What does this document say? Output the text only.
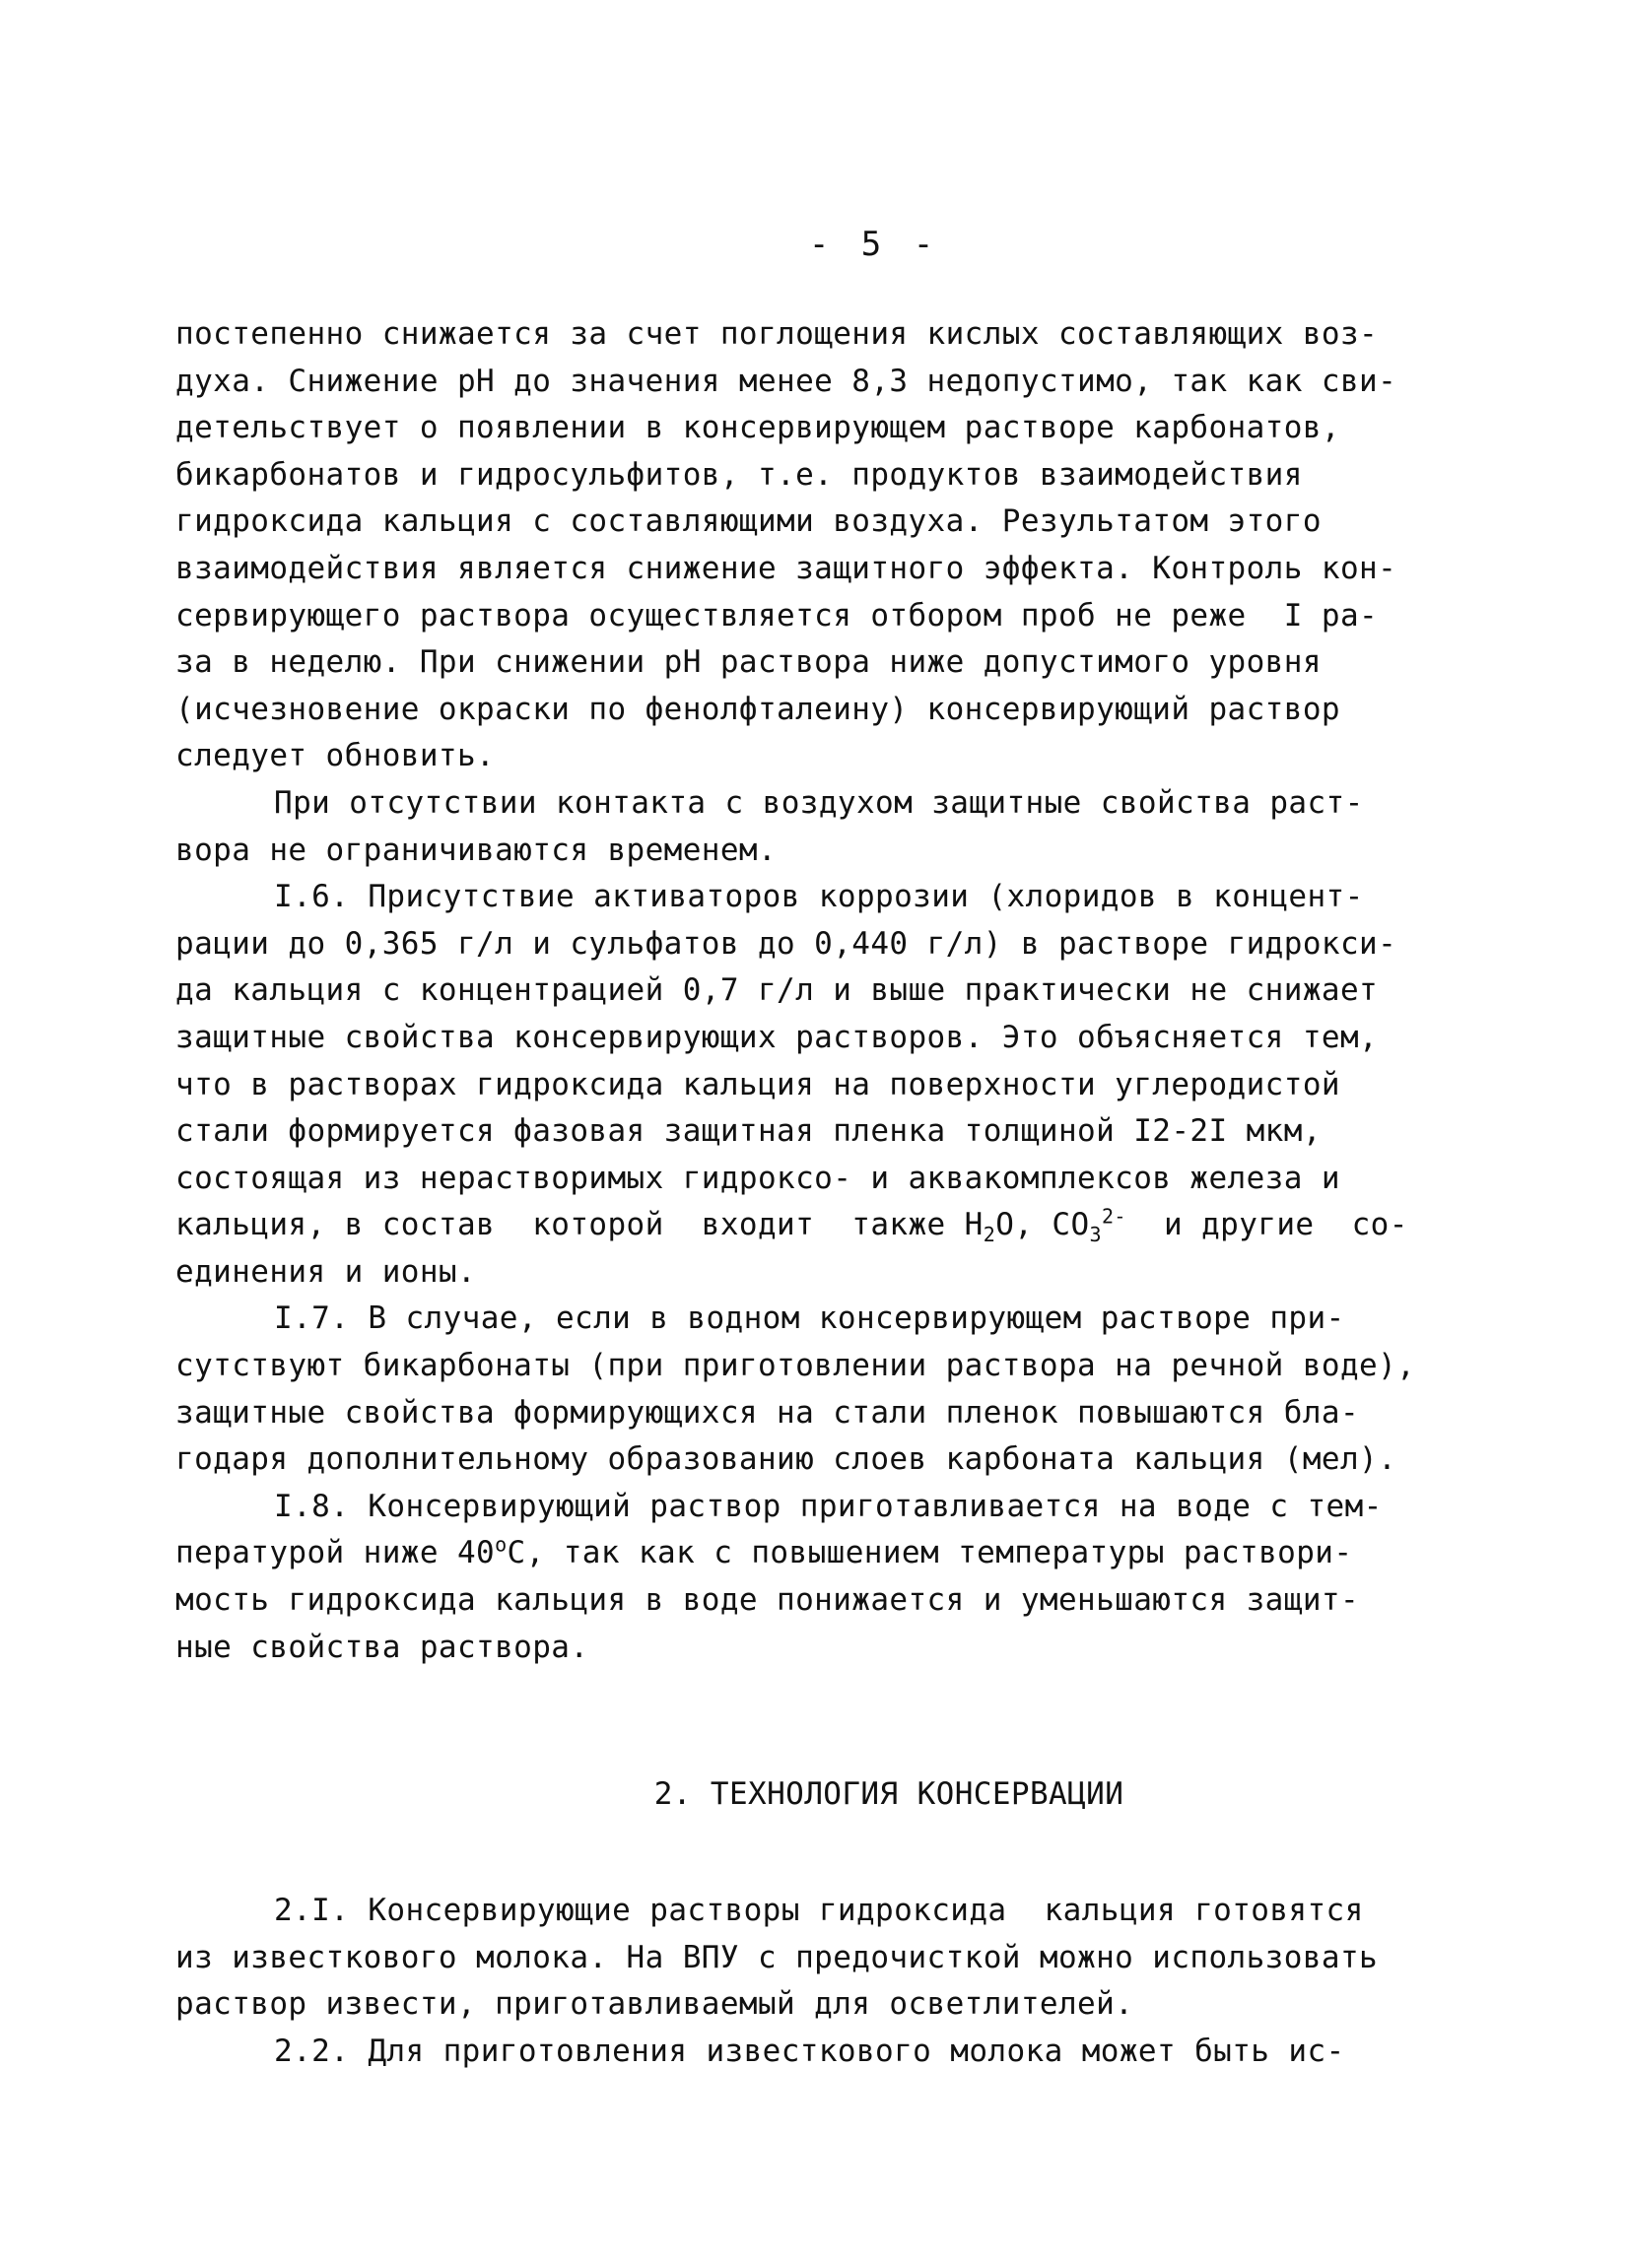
- 5 -
постепенно снижается за счет поглощения кислых составляющих воз-
духа. Снижение pH до значения менее 8,3 недопустимо, так как сви-
детельствует о появлении в консервирующем растворе карбонатов,
бикарбонатов и гидросульфитов, т.е. продуктов взаимодействия
гидроксида кальция с составляющими воздуха. Результатом этого
взаимодействия является снижение защитного эффекта. Контроль кон-
сервирующего раствора осуществляется отбором проб не реже  I ра-
за в неделю. При снижении pH раствора ниже допустимого уровня
(исчезновение окраски по фенолфталеину) консервирующий раствор
следует обновить.
При отсутствии контакта с воздухом защитные свойства раст-
вора не ограничиваются временем.
I.6. Присутствие активаторов коррозии (хлоридов в концент-
рации до 0,365 г/л и сульфатов до 0,440 г/л) в растворе гидрокси-
да кальция с концентрацией 0,7 г/л и выше практически не снижает
защитные свойства консервирующих растворов. Это объясняется тем,
что в растворах гидроксида кальция на поверхности углеродистой
стали формируется фазовая защитная пленка толщиной I2-2I мкм,
состоящая из нерастворимых гидроксо- и аквакомплексов железа и
кальция, в состав  которой  входит  также $H_2O$, $CO_3^{2-}$  и другие  со-
единения и ионы.
I.7. В случае, если в водном консервирующем растворе при-
сутствуют бикарбонаты (при приготовлении раствора на речной воде),
защитные свойства формирующихся на стали пленок повышаются бла-
годаря дополнительному образованию слоев карбоната кальция (мел).
I.8. Консервирующий раствор приготавливается на воде с тем-
пературой ниже 40$^o$C, так как с повышением температуры раствори-
мость гидроксида кальция в воде понижается и уменьшаются защит-
ные свойства раствора.
2. ТЕХНОЛОГИЯ КОНСЕРВАЦИИ
2.I. Консервирующие растворы гидроксида  кальция готовятся
из известкового молока. На ВПУ с предочисткой можно использовать
раствор извести, приготавливаемый для осветлителей.
2.2. Для приготовления известкового молока может быть ис-
